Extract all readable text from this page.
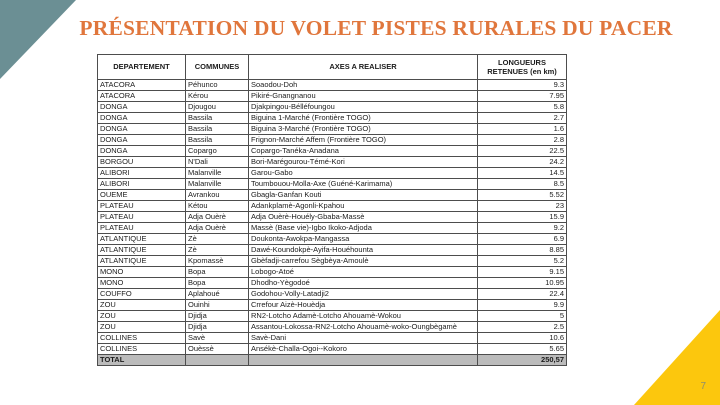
7
PRÉSENTATION DU VOLET PISTES RURALES DU PACER
DEPARTEMENT	COMMUNES	AXES A REALISER	LONGUEURS RETENUES (en km)
ATACORA	Péhunco	Soaodou-Doh	9.3
ATACORA	Kérou	Pikiré-Gnangnanou	7.95
DONGA	Djougou	Djakpingou-Bélléfoungou	5.8
DONGA	Bassila	Biguina 1-Marché (Frontière TOGO)	2.7
DONGA	Bassila	Biguina 3-Marché (Frontière TOGO)	1.6
DONGA	Bassila	Frignon-Marché Affem (Frontière TOGO)	2.8
DONGA	Copargo	Copargo-Tanéka-Anadana	22.5
BORGOU	N'Dali	Bori-Marégourou-Témé-Kori	24.2
ALIBORI	Malanville	Garou-Gabo	14.5
ALIBORI	Malanville	Toumbouou-Molla-Axe (Guéné-Karimama)	8.5
OUEME	Avrankou	Gbagla-Ganfan Kouti	5.52
PLATEAU	Kétou	Adankplamè-Agonli-Kpahou	23
PLATEAU	Adja Ouèrè	Adja Ouèrè-Houély-Gbaba-Massè	15.9
PLATEAU	Adja Ouèrè	Massè (Base vie)-Igbo Ikoko-Adjoda	9.2
ATLANTIQUE	Zè	Doukonta-Awokpa-Mangassa	6.9
ATLANTIQUE	Zè	Dawé-Koundokpè-Ayifa-Houéhounta	8.85
ATLANTIQUE	Kpomassè	Gbèfadji-carrefou Sègbèya-Amoulè	5.2
MONO	Bopa	Lobogo-Atoé	9.15
MONO	Bopa	Dhodho-Yègodoé	10.95
COUFFO	Aplahoué	Godohou-Volly-Latadji2	22.4
ZOU	Ouinhi	Crrefour Aizè-Houèdja	9.9
ZOU	Djidja	RN2-Lotcho Adamè-Lotcho Ahouamè-Wokou	5
ZOU	Djidja	Assantou-Lokossa-RN2-Lotcho Ahouamè-woko-Oungbègamè	2.5
COLLINES	Savè	Savè-Dani	10.6
COLLINES	Ouèssè	Ansékè-Challa-Ogoi--Kokoro	5.65
TOTAL			250,57
